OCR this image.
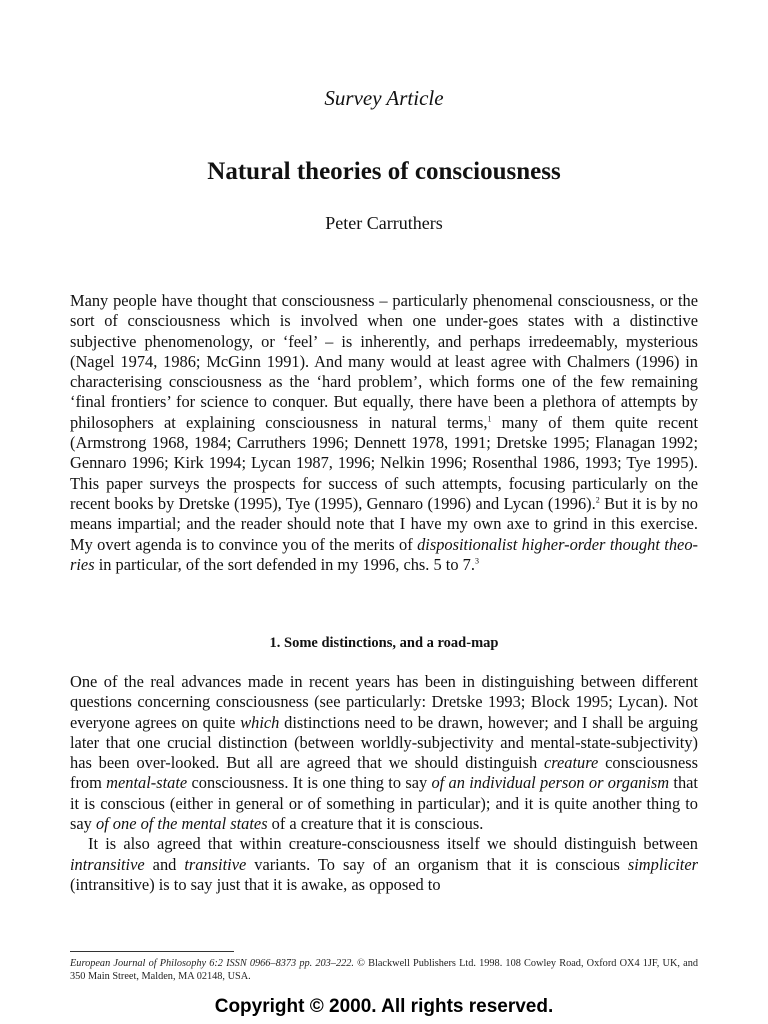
Survey Article
Natural theories of consciousness
Peter Carruthers

Many people have thought that consciousness – particularly phenomenal consciousness, or the sort of consciousness which is involved when one under-goes states with a distinctive subjective phenomenology, or ‘feel’ – is inherently, and perhaps irredeemably, mysterious (Nagel 1974, 1986; McGinn 1991). And many would at least agree with Chalmers (1996) in characterising consciousness as the ‘hard problem’, which forms one of the few remaining ‘final frontiers’ for science to conquer. But equally, there have been a plethora of attempts by philosophers at explaining consciousness in natural terms,$^1$ many of them quite recent (Armstrong 1968, 1984; Carruthers 1996; Dennett 1978, 1991; Dretske 1995; Flanagan 1992; Gennaro 1996; Kirk 1994; Lycan 1987, 1996; Nelkin 1996; Rosenthal 1986, 1993; Tye 1995). This paper surveys the prospects for success of such attempts, focusing particularly on the recent books by Dretske (1995), Tye (1995), Gennaro (1996) and Lycan (1996).$^2$ But it is by no means impartial; and the reader should note that I have my own axe to grind in this exercise. My overt agenda is to convince you of the merits of dispositionalist higher-order thought theo-ries in particular, of the sort defended in my 1996, chs. 5 to 7.$^3$

1. Some distinctions, and a road-map

One of the real advances made in recent years has been in distinguishing between different questions concerning consciousness (see particularly: Dretske 1993; Block 1995; Lycan). Not everyone agrees on quite which distinctions need to be drawn, however; and I shall be arguing later that one crucial distinction (between worldly-subjectivity and mental-state-subjectivity) has been over-looked. But all are agreed that we should distinguish creature consciousness from mental-state consciousness. It is one thing to say of an individual person or organism that it is conscious (either in general or of something in particular); and it is quite another thing to say of one of the mental states of a creature that it is conscious.

It is also agreed that within creature-consciousness itself we should distinguish between intransitive and transitive variants. To say of an organism that it is conscious simpliciter (intransitive) is to say just that it is awake, as opposed to

European Journal of Philosophy 6:2 ISSN 0966–8373 pp. 203–222. © Blackwell Publishers Ltd. 1998. 108 Cowley Road, Oxford OX4 1JF, UK, and 350 Main Street, Malden, MA 02148, USA.
Copyright © 2000. All rights reserved.
